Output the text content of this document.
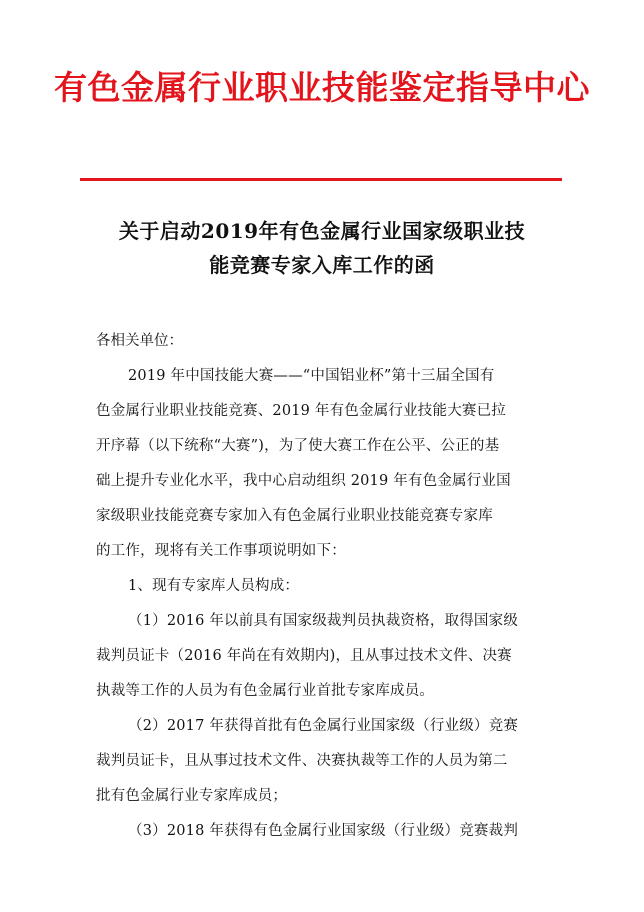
有色金属行业职业技能鉴定指导中心
关于启动2019年有色金属行业国家级职业技
能竞赛专家入库工作的函
各相关单位：
2019 年中国技能大赛——“中国铝业杯”第十三届全国有
色金属行业职业技能竞赛、2019 年有色金属行业技能大赛已拉
开序幕（以下统称“大赛”)，为了使大赛工作在公平、公正的基
础上提升专业化水平，我中心启动组织 2019 年有色金属行业国
家级职业技能竞赛专家加入有色金属行业职业技能竞赛专家库
的工作，现将有关工作事项说明如下：
1、现有专家库人员构成：
（1）2016 年以前具有国家级裁判员执裁资格，取得国家级
裁判员证卡（2016 年尚在有效期内)，且从事过技术文件、决赛
执裁等工作的人员为有色金属行业首批专家库成员。
（2）2017 年获得首批有色金属行业国家级（行业级）竞赛
裁判员证卡，且从事过技术文件、决赛执裁等工作的人员为第二
批有色金属行业专家库成员；
（3）2018 年获得有色金属行业国家级（行业级）竞赛裁判
